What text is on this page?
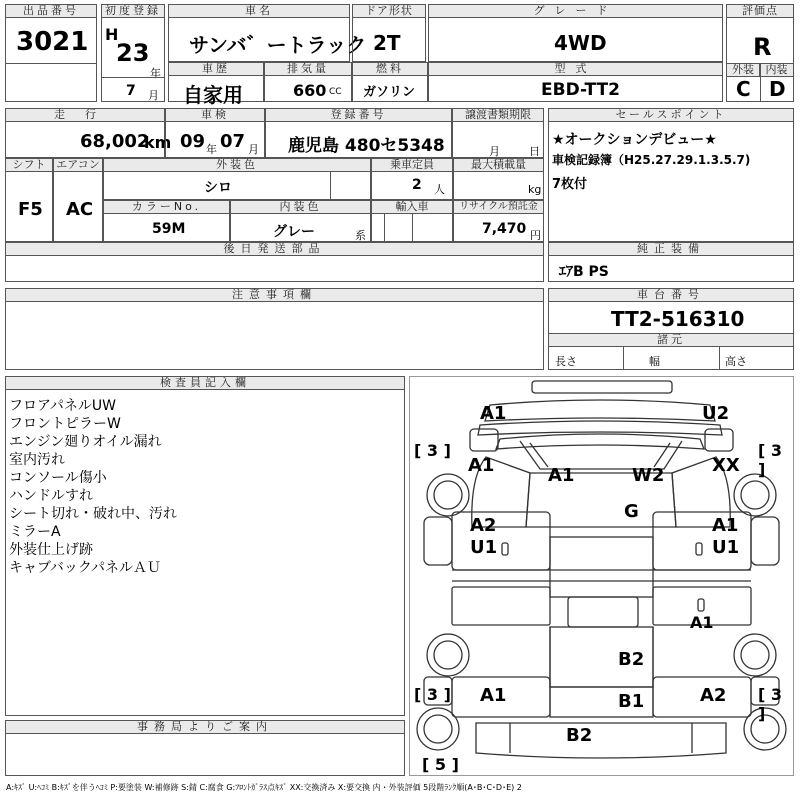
出品番号
3021
初度登録
H
23
年
7 月
車名
サンバ゛ートラック
ドア形状
2T
グレード
4WD
評価点
R
外装	内装
C D
車歴
自家用
排気量
660 CC
燃料
ガソリン
型式
EBD-TT2
走行
68,002
km
車検
09 年 07 月
登録番号
鹿児島 480セ5348
譲渡書類期限
月	日
セールスポイント
★オークションデビュー★
車検記録簿（H25.27.29.1.3.5.7)
7枚付
シフト
F5
エアコン
AC
外装色
シロ
乗車定員
2 人
最大積載量
kg
カラーNo.
59M
内装色
グレー	系
輸入車	リサイクル預託金
7,470 円
後日発送部品	純正装備
ｴｱB PS
注意事項欄	車台番号
TT2-516310
諸元
長さ	幅	高さ
検査員記入欄
フロアパネルUW
フロントピラーW
エンジン廻りオイル漏れ
室内汚れ
コンソール傷小
ハンドルすれ
シート切れ・破れ中、汚れ
ミラーA
外装仕上げ跡
キャブバックパネルＡＵ
事務局よりご案内
A1	U2
[ 3 ]	[ 3 ]
A1	A1	W2	XX
G
A2
U1
A1
U1
A1
B2
[ 3 ] A1	B1	A2 [ 3 ]
B2
[ 5 ]
A:ｷｽﾞ U:ﾍｺﾐ B:ｷｽﾞを伴うﾍｺﾐ P:要塗装 W:補修跡 S:錆 C:腐食 G:ﾌﾛﾝﾄｶﾞﾗｽ点ｷｽﾞ XX:交換済み X:要交換 内・外装評価 5段階ﾗﾝｸ順(A･B･C･D･E) 2
